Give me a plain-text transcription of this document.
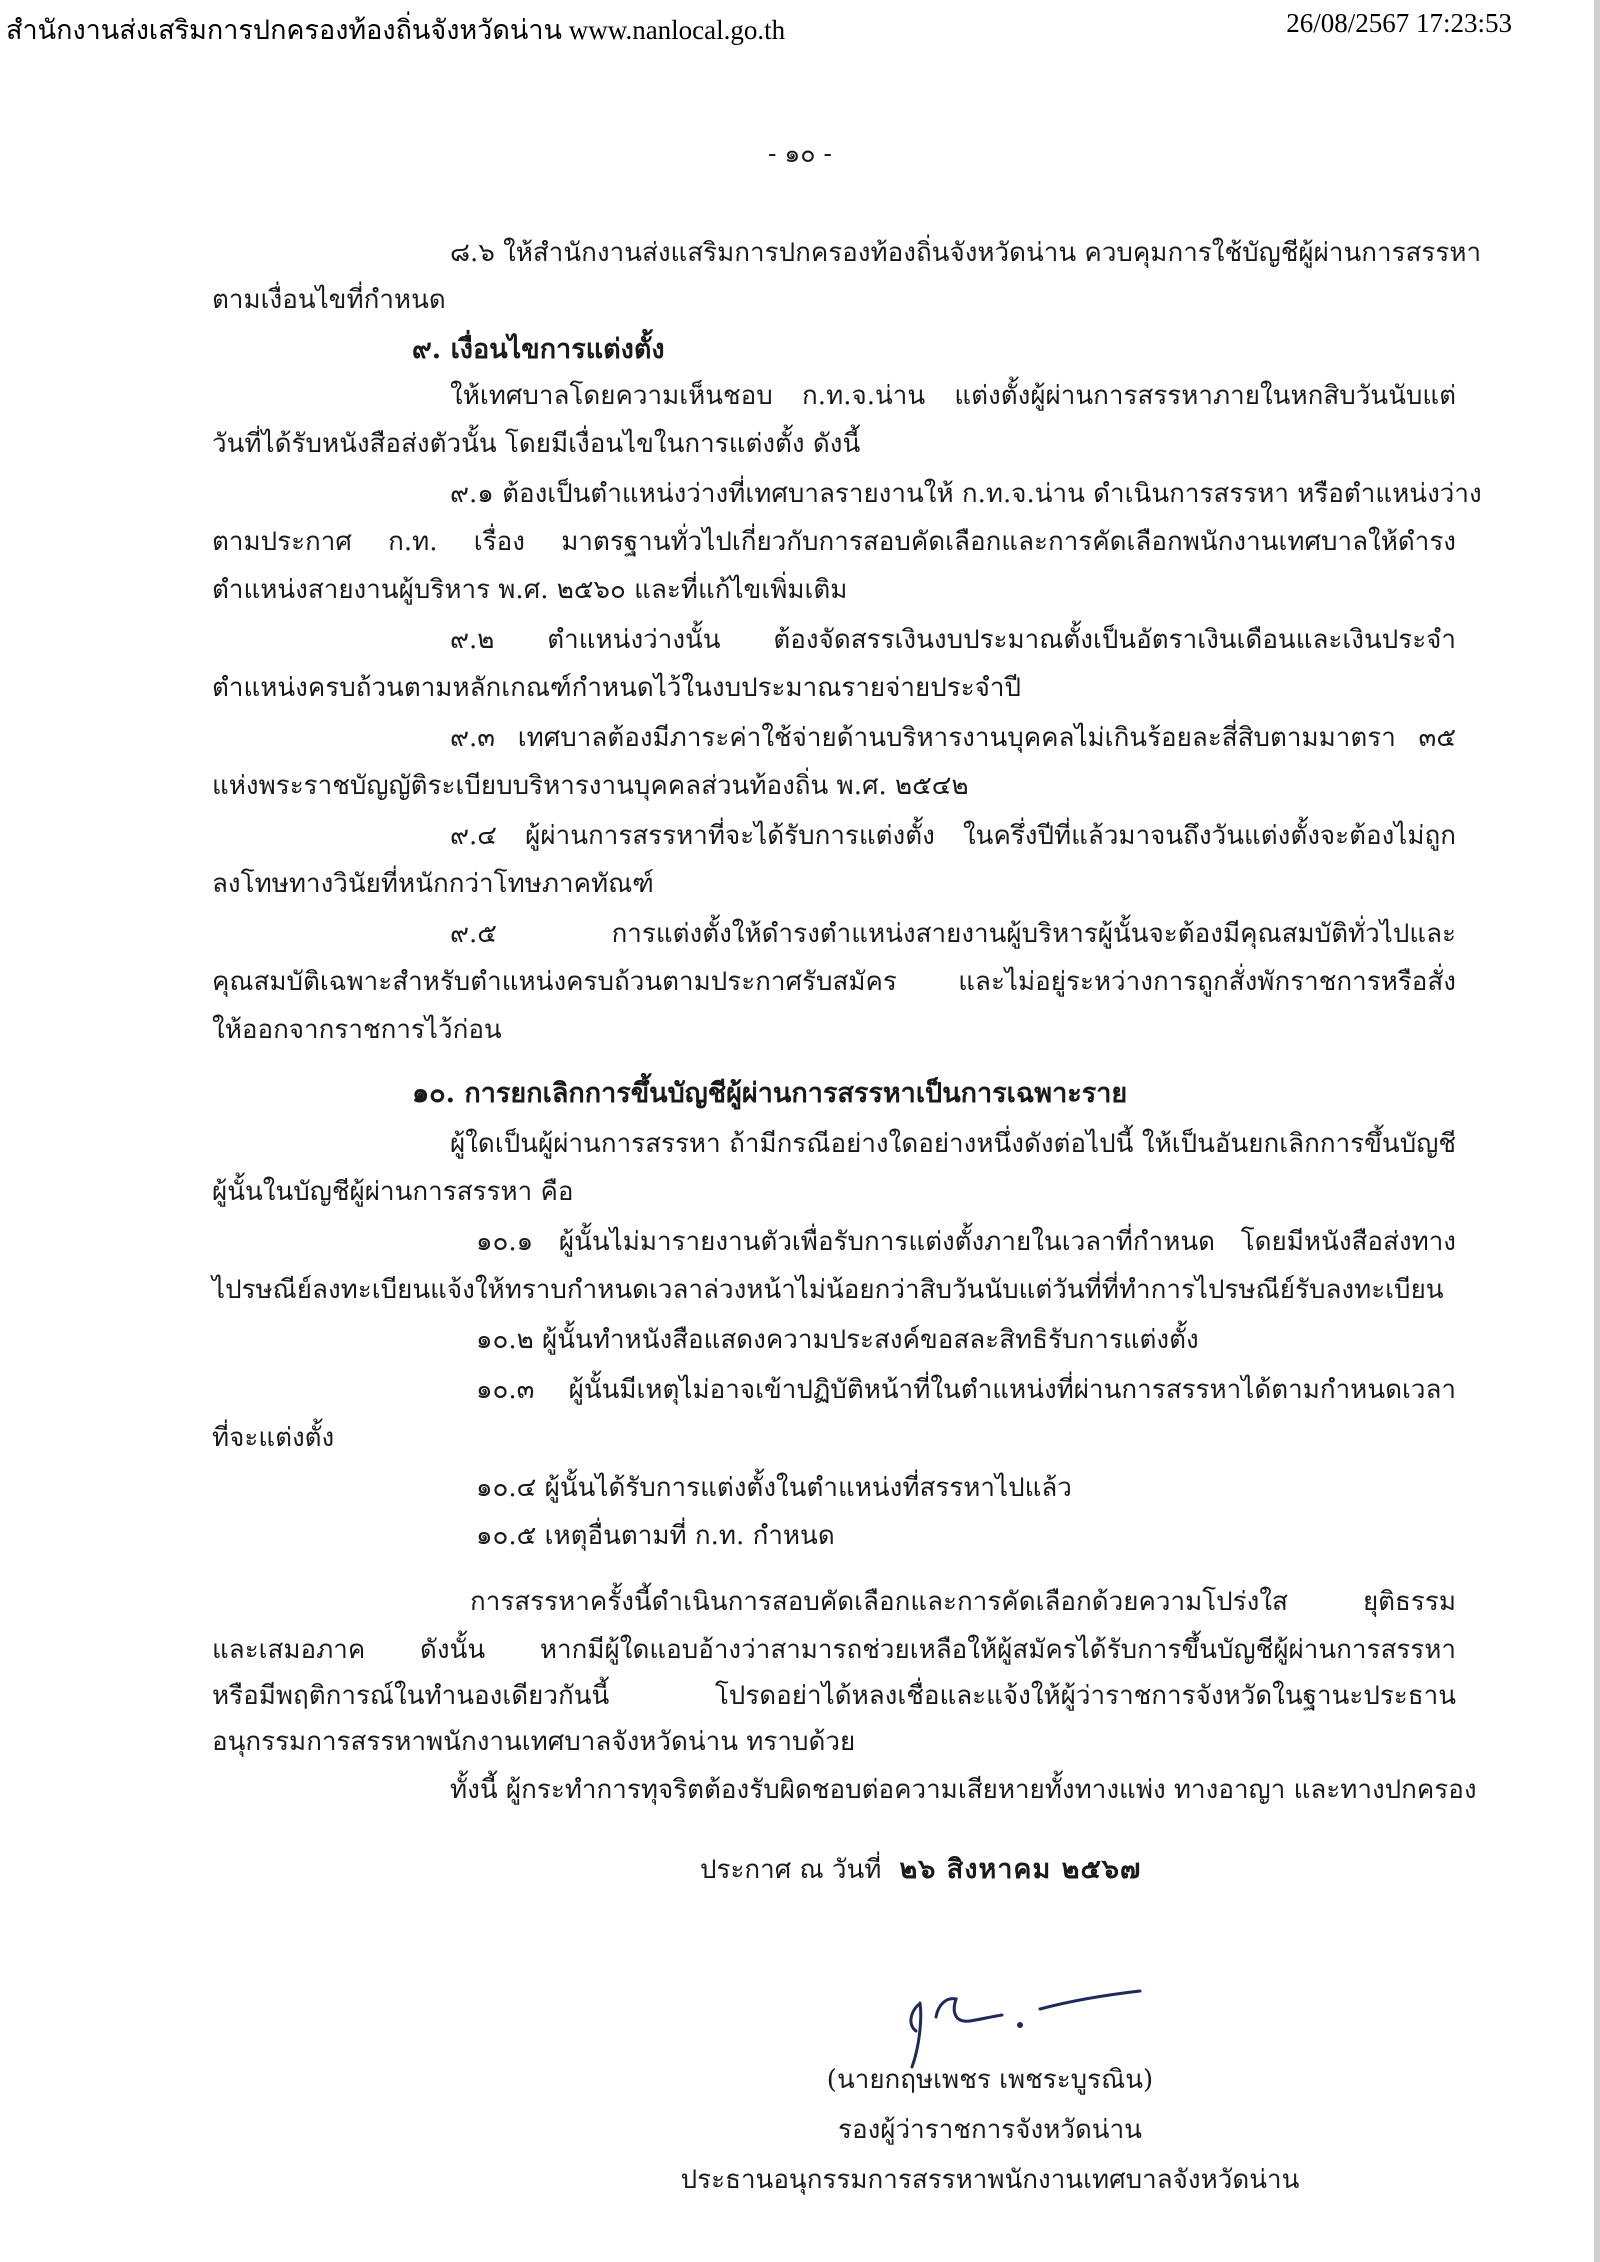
สำนักงานส่งเสริมการปกครองท้องถิ่นจังหวัดน่าน www.nanlocal.go.th	26/08/2567 17:23:53
- ๑๐ -
๘.๖ ให้สำนักงานส่งแสริมการปกครองท้องถิ่นจังหวัดน่าน ควบคุมการใช้บัญชีผู้ผ่านการสรรหา
ตามเงื่อนไขที่กำหนด
๙. เงื่อนไขการแต่งตั้ง
ให้เทศบาลโดยความเห็นชอบ ก.ท.จ.น่าน แต่งตั้งผู้ผ่านการสรรหาภายในหกสิบวันนับแต่
วันที่ได้รับหนังสือส่งตัวนั้น โดยมีเงื่อนไขในการแต่งตั้ง ดังนี้
๙.๑ ต้องเป็นตำแหน่งว่างที่เทศบาลรายงานให้ ก.ท.จ.น่าน ดำเนินการสรรหา หรือตำแหน่งว่าง
ตามประกาศ ก.ท. เรื่อง มาตรฐานทั่วไปเกี่ยวกับการสอบคัดเลือกและการคัดเลือกพนักงานเทศบาลให้ดำรง
ตำแหน่งสายงานผู้บริหาร พ.ศ. ๒๕๖๐ และที่แก้ไขเพิ่มเติม
๙.๒ ตำแหน่งว่างนั้น ต้องจัดสรรเงินงบประมาณตั้งเป็นอัตราเงินเดือนและเงินประจำ
ตำแหน่งครบถ้วนตามหลักเกณฑ์กำหนดไว้ในงบประมาณรายจ่ายประจำปี
๙.๓ เทศบาลต้องมีภาระค่าใช้จ่ายด้านบริหารงานบุคคลไม่เกินร้อยละสี่สิบตามมาตรา ๓๕
แห่งพระราชบัญญัติระเบียบบริหารงานบุคคลส่วนท้องถิ่น พ.ศ. ๒๕๔๒
๙.๔ ผู้ผ่านการสรรหาที่จะได้รับการแต่งตั้ง ในครึ่งปีที่แล้วมาจนถึงวันแต่งตั้งจะต้องไม่ถูก
ลงโทษทางวินัยที่หนักกว่าโทษภาคทัณฑ์
๙.๕ การแต่งตั้งให้ดำรงตำแหน่งสายงานผู้บริหารผู้นั้นจะต้องมีคุณสมบัติทั่วไปและ
คุณสมบัติเฉพาะสำหรับตำแหน่งครบถ้วนตามประกาศรับสมัคร และไม่อยู่ระหว่างการถูกสั่งพักราชการหรือสั่ง
ให้ออกจากราชการไว้ก่อน
๑๐. การยกเลิกการขึ้นบัญชีผู้ผ่านการสรรหาเป็นการเฉพาะราย
ผู้ใดเป็นผู้ผ่านการสรรหา ถ้ามีกรณีอย่างใดอย่างหนึ่งดังต่อไปนี้ ให้เป็นอันยกเลิกการขึ้นบัญชี
ผู้นั้นในบัญชีผู้ผ่านการสรรหา คือ
๑๐.๑ ผู้นั้นไม่มารายงานตัวเพื่อรับการแต่งตั้งภายในเวลาที่กำหนด โดยมีหนังสือส่งทาง
ไปรษณีย์ลงทะเบียนแจ้งให้ทราบกำหนดเวลาล่วงหน้าไม่น้อยกว่าสิบวันนับแต่วันที่ที่ทำการไปรษณีย์รับลงทะเบียน
๑๐.๒ ผู้นั้นทำหนังสือแสดงความประสงค์ขอสละสิทธิรับการแต่งตั้ง
๑๐.๓ ผู้นั้นมีเหตุไม่อาจเข้าปฏิบัติหน้าที่ในตำแหน่งที่ผ่านการสรรหาได้ตามกำหนดเวลา
ที่จะแต่งตั้ง
๑๐.๔ ผู้นั้นได้รับการแต่งตั้งในตำแหน่งที่สรรหาไปแล้ว
๑๐.๕ เหตุอื่นตามที่ ก.ท. กำหนด
การสรรหาครั้งนี้ดำเนินการสอบคัดเลือกและการคัดเลือกด้วยความโปร่งใส ยุติธรรม
และเสมอภาค ดังนั้น หากมีผู้ใดแอบอ้างว่าสามารถช่วยเหลือให้ผู้สมัครได้รับการขึ้นบัญชีผู้ผ่านการสรรหา
หรือมีพฤติการณ์ในทำนองเดียวกันนี้ โปรดอย่าได้หลงเชื่อและแจ้งให้ผู้ว่าราชการจังหวัดในฐานะประธาน
อนุกรรมการสรรหาพนักงานเทศบาลจังหวัดน่าน ทราบด้วย
ทั้งนี้ ผู้กระทำการทุจริตต้องรับผิดชอบต่อความเสียหายทั้งทางแพ่ง ทางอาญา และทางปกครอง
ประกาศ ณ วันที่ ๒๖ สิงหาคม ๒๕๖๗
(นายกฤษเพชร เพชระบูรณิน)
รองผู้ว่าราชการจังหวัดน่าน
ประธานอนุกรรมการสรรหาพนักงานเทศบาลจังหวัดน่าน
